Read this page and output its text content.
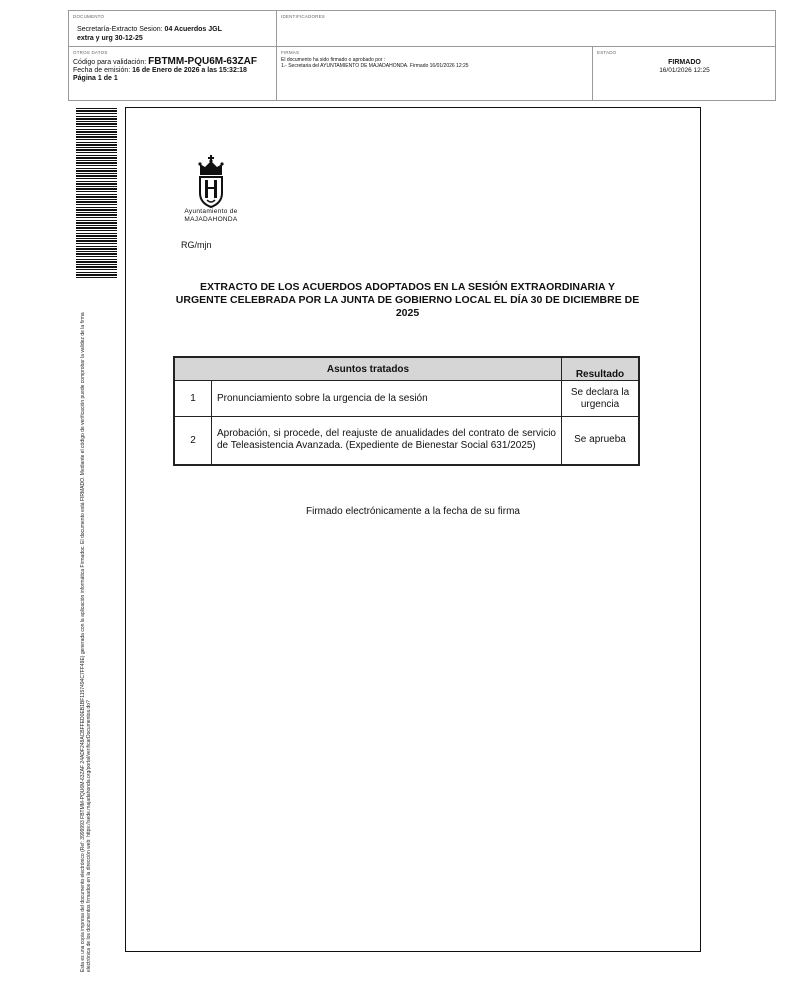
DOCUMENTO
Secretaría-Extracto Sesion: 04 Acuerdos JGL
extra y urg 30-12-25
IDENTIFICADORES
OTROS DATOS
Código para validación: FBTMM-PQU6M-63ZAF
Fecha de emisión: 16 de Enero de 2026 a las 15:32:18
Página 1 de 1
FIRMAS
El documento ha sido firmado o aprobado por :
1.- Secretaria del AYUNTAMIENTO DE MAJADAHONDA. Firmado 16/01/2026 12:25
ESTADO
FIRMADO
16/01/2026 12:25
Esta es una copia impresa del documento electrónico (Ref: 3999993 FBTMM-PQU6M-63ZAF 24ADF248ACBFFED0EB1BF1157494C7FF49E) generada con la aplicación informática Firmadoc. El documento está FIRMADO. Mediante el código de verificación puede comprobar la validez de la firma electrónica de los documentos firmados en la dirección web: https://sede.majadahonda.org/portal/verificarDocumentos.do?
Ayuntamiento de
MAJADAHONDA
RG/mjn
EXTRACTO DE LOS ACUERDOS ADOPTADOS EN LA SESIÓN EXTRAORDINARIA Y URGENTE CELEBRADA POR LA JUNTA DE GOBIERNO LOCAL EL DÍA 30 DE DICIEMBRE DE 2025
Asuntos tratados		Resultado
1	Pronunciamiento sobre la urgencia de la sesión	Se declara la urgencia
2	Aprobación, si procede, del reajuste de anualidades del contrato de servicio de Teleasistencia Avanzada. (Expediente de Bienestar Social 631/2025)	Se aprueba
Firmado electrónicamente a la fecha de su firma
